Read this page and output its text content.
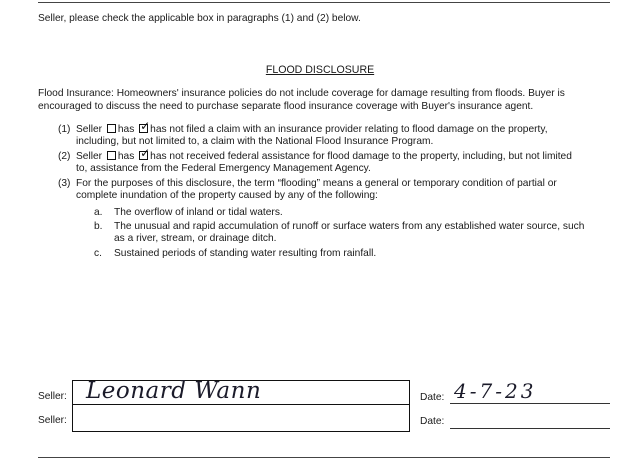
Seller, please check the applicable box in paragraphs (1) and (2) below.
FLOOD DISCLOSURE
Flood Insurance: Homeowners' insurance policies do not include coverage for damage resulting from floods. Buyer is encouraged to discuss the need to purchase separate flood insurance coverage with Buyer's insurance agent.
(1) Seller has ✓ has not filed a claim with an insurance provider relating to flood damage on the property,
including, but not limited to, a claim with the National Flood Insurance Program.
(2) Seller has ✓ has not received federal assistance for flood damage to the property, including, but not limited
to, assistance from the Federal Emergency Management Agency.
(3) For the purposes of this disclosure, the term “flooding” means a general or temporary condition of partial or
complete inundation of the property caused by any of the following:
a. The overflow of inland or tidal waters.
b. The unusual and rapid accumulation of runoff or surface waters from any established water source, such
as a river, stream, or drainage ditch.
c. Sustained periods of standing water resulting from rainfall.
Seller:
Seller:
Leonard Wann	Date: 4-7-23
Date:
